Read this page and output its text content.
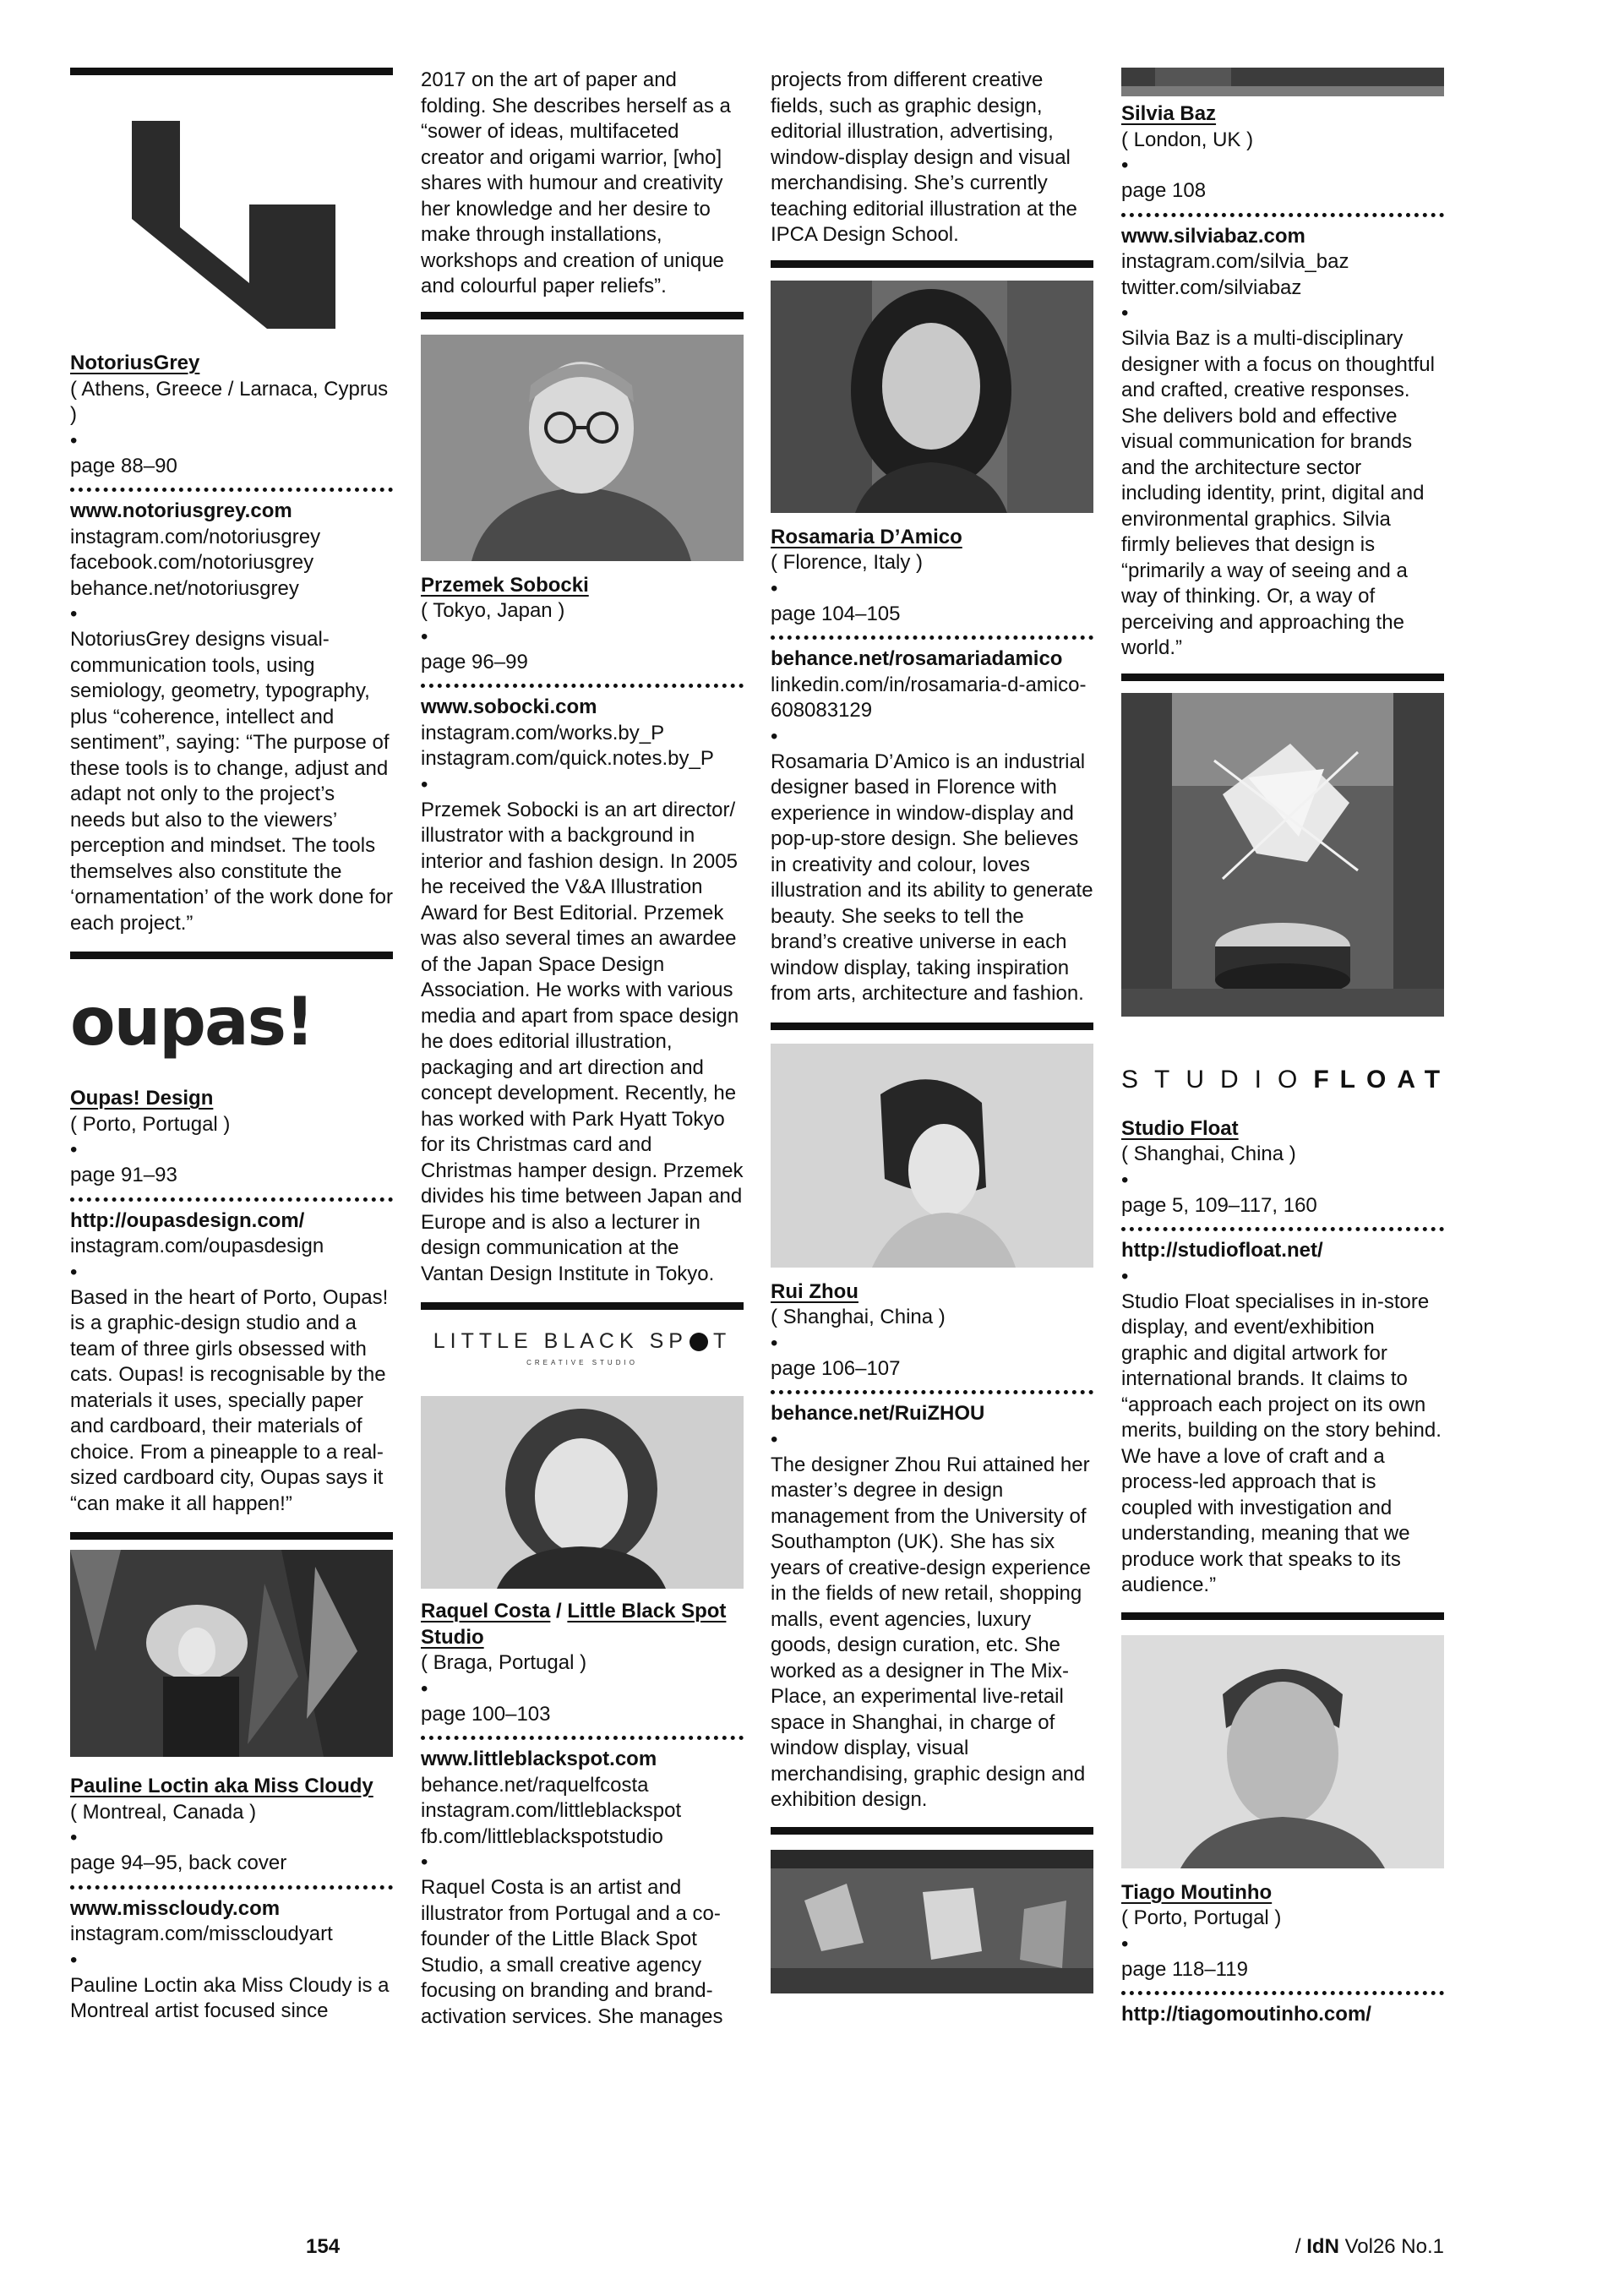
NotoriusGrey

( Athens, Greece / Larnaca, Cyprus )

•

page 88–90

www.notoriusgrey.com

instagram.com/notoriusgrey

facebook.com/notoriusgrey

behance.net/notoriusgrey

•

NotoriusGrey designs visual-communication tools, using semiology, geometry, typography, plus “coherence, intellect and sentiment”, saying: “The purpose of these tools is to change, adjust and adapt not only to the project’s needs but also to the viewers’ perception and mindset. The tools themselves also constitute the ‘ornamentation’ of the work done for each project.”

oupas!

Oupas! Design

( Porto, Portugal )

•

page 91–93

http://oupasdesign.com/

instagram.com/oupasdesign

•

Based in the heart of Porto, Oupas! is a graphic-design studio and a team of three girls obsessed with cats. Oupas! is recognisable by the materials it uses, specially paper and cardboard, their materials of choice. From a pineapple to a real-sized cardboard city, Oupas says it “can make it all happen!”

Pauline Loctin aka Miss Cloudy

( Montreal, Canada )

•

page 94–95, back cover

www.misscloudy.com

instagram.com/misscloudyart

•

Pauline Loctin aka Miss Cloudy is a Montreal artist focused since

2017 on the art of paper and folding. She describes herself as a “sower of ideas, multifaceted creator and origami warrior, [who] shares with humour and creativity her knowledge and her desire to make through installations, workshops and creation of unique and colourful paper reliefs”.

Przemek Sobocki

( Tokyo, Japan )

•

page 96–99

www.sobocki.com

instagram.com/works.by_P

instagram.com/quick.notes.by_P

•

Przemek Sobocki is an art director/ illustrator with a background in interior and fashion design. In 2005 he received the V&A Illustration Award for Best Editorial. Przemek was also several times an awardee of the Japan Space Design Association. He works with various media and apart from space design he does editorial illustration, packaging and art direction and concept development. Recently, he has worked with Park Hyatt Tokyo for its Christmas card and Christmas hamper design. Przemek divides his time between Japan and Europe and is also a lecturer in design communication at the Vantan Design Institute in Tokyo.

LITTLE BLACK SP T
CREATIVE STUDIO

Raquel Costa / Little Black Spot Studio

( Braga, Portugal )

•

page 100–103

www.littleblackspot.com

behance.net/raquelfcosta

instagram.com/littleblackspot

fb.com/littleblackspotstudio

•

Raquel Costa is an artist and illustrator from Portugal and a co-founder of the Little Black Spot Studio, a small creative agency focusing on branding and brand-activation services. She manages

projects from different creative fields, such as graphic design, editorial illustration, advertising, window-display design and visual merchandising. She’s currently teaching editorial illustration at the IPCA Design School.

Rosamaria D’Amico

( Florence, Italy )

•

page 104–105

behance.net/rosamariadamico

linkedin.com/in/rosamaria-d-amico-608083129

•

Rosamaria D’Amico is an industrial designer based in Florence with experience in window-display and pop-up-store design. She believes in creativity and colour, loves illustration and its ability to generate beauty. She seeks to tell the brand’s creative universe in each window display, taking inspiration from arts, architecture and fashion.

Rui Zhou

( Shanghai, China )

•

page 106–107

behance.net/RuiZHOU

•

The designer Zhou Rui attained her master’s degree in design management from the University of Southampton (UK). She has six years of creative-design experience in the fields of new retail, shopping malls, event agencies, luxury goods, design curation, etc. She worked as a designer in The Mix-Place, an experimental live-retail space in Shanghai, in charge of window display, visual merchandising, graphic design and exhibition design.

Silvia Baz

( London, UK )

•

page 108

www.silviabaz.com

instagram.com/silvia_baz

twitter.com/silviabaz

•

Silvia Baz is a multi-disciplinary designer with a focus on thoughtful and crafted, creative responses. She delivers bold and effective visual communication for brands and the architecture sector including identity, print, digital and environmental graphics. Silvia firmly believes that design is “primarily a way of seeing and a way of thinking. Or, a way of perceiving and approaching the world.”

STUDIO FLOAT

Studio Float

( Shanghai, China )

•

page 5, 109–117, 160

http://studiofloat.net/

•

Studio Float specialises in in-store display, and event/exhibition graphic and digital artwork for international brands. It claims to “approach each project on its own merits, building on the story behind. We have a love of craft and a process-led approach that is coupled with investigation and understanding, meaning that we produce work that speaks to its audience.”

Tiago Moutinho

( Porto, Portugal )

•

page 118–119

http://tiagomoutinho.com/

154	/ IdN Vol26 No.1
